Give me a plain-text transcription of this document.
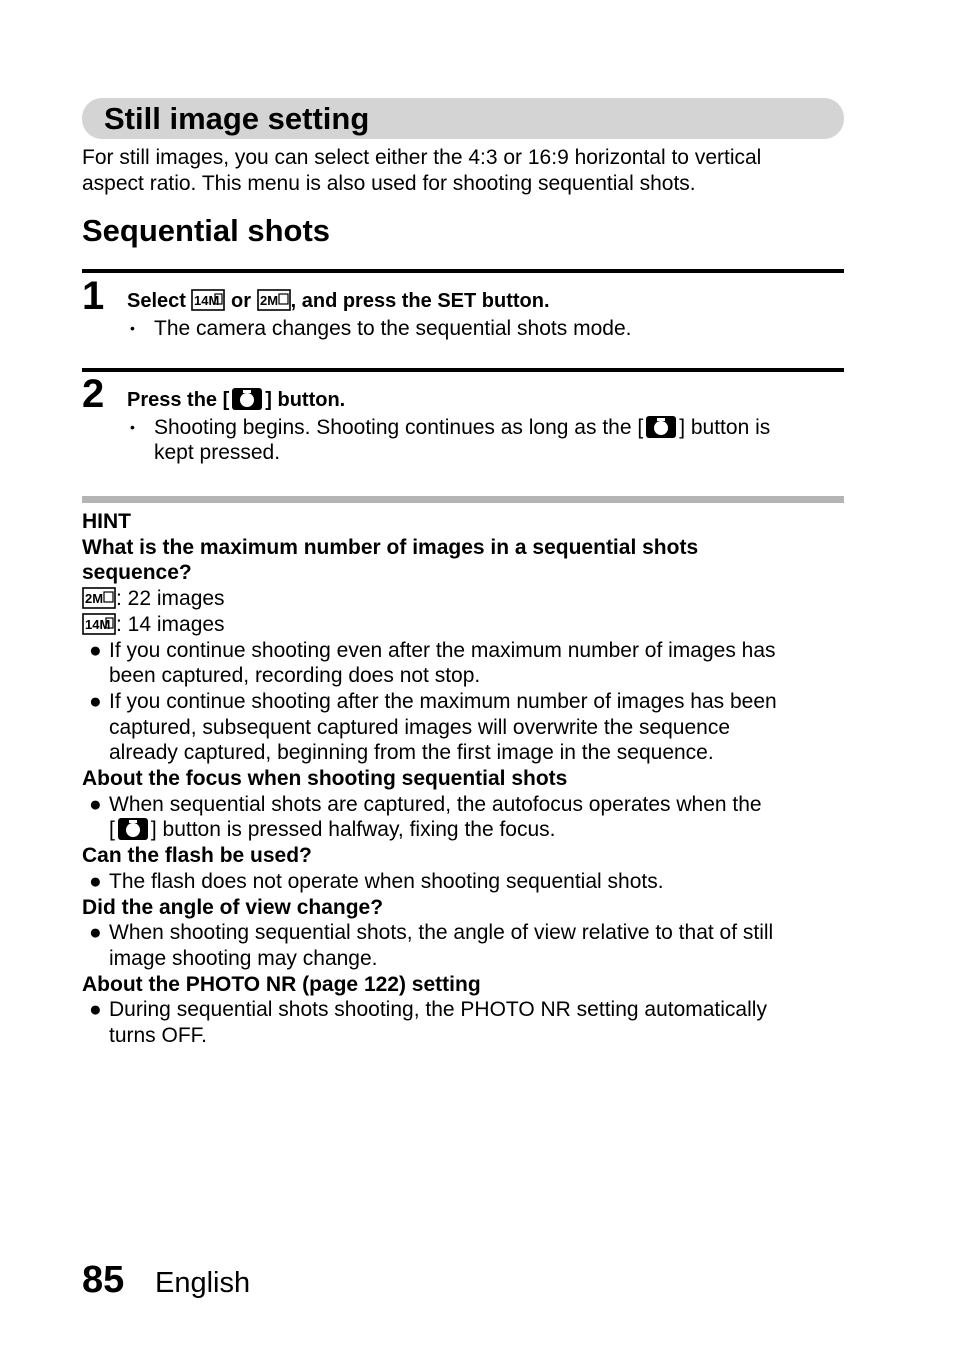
Still image setting
For still images, you can select either the 4:3 or 16:9 horizontal to vertical
aspect ratio. This menu is also used for shooting sequential shots.
Sequential shots
1 Select 14M or 2M , and press the SET button.
• The camera changes to the sequential shots mode.
2 Press the [ ] button.
• Shooting begins. Shooting continues as long as the [ ] button is
kept pressed.
HINT
What is the maximum number of images in a sequential shots
sequence?
2M : 22 images
14M : 14 images
● If you continue shooting even after the maximum number of images has
been captured, recording does not stop.
● If you continue shooting after the maximum number of images has been
captured, subsequent captured images will overwrite the sequence
already captured, beginning from the first image in the sequence.
About the focus when shooting sequential shots
● When sequential shots are captured, the autofocus operates when the
[ ] button is pressed halfway, fixing the focus.
Can the flash be used?
● The flash does not operate when shooting sequential shots.
Did the angle of view change?
● When shooting sequential shots, the angle of view relative to that of still
image shooting may change.
About the PHOTO NR (page 122) setting
● During sequential shots shooting, the PHOTO NR setting automatically
turns OFF.
85 English
